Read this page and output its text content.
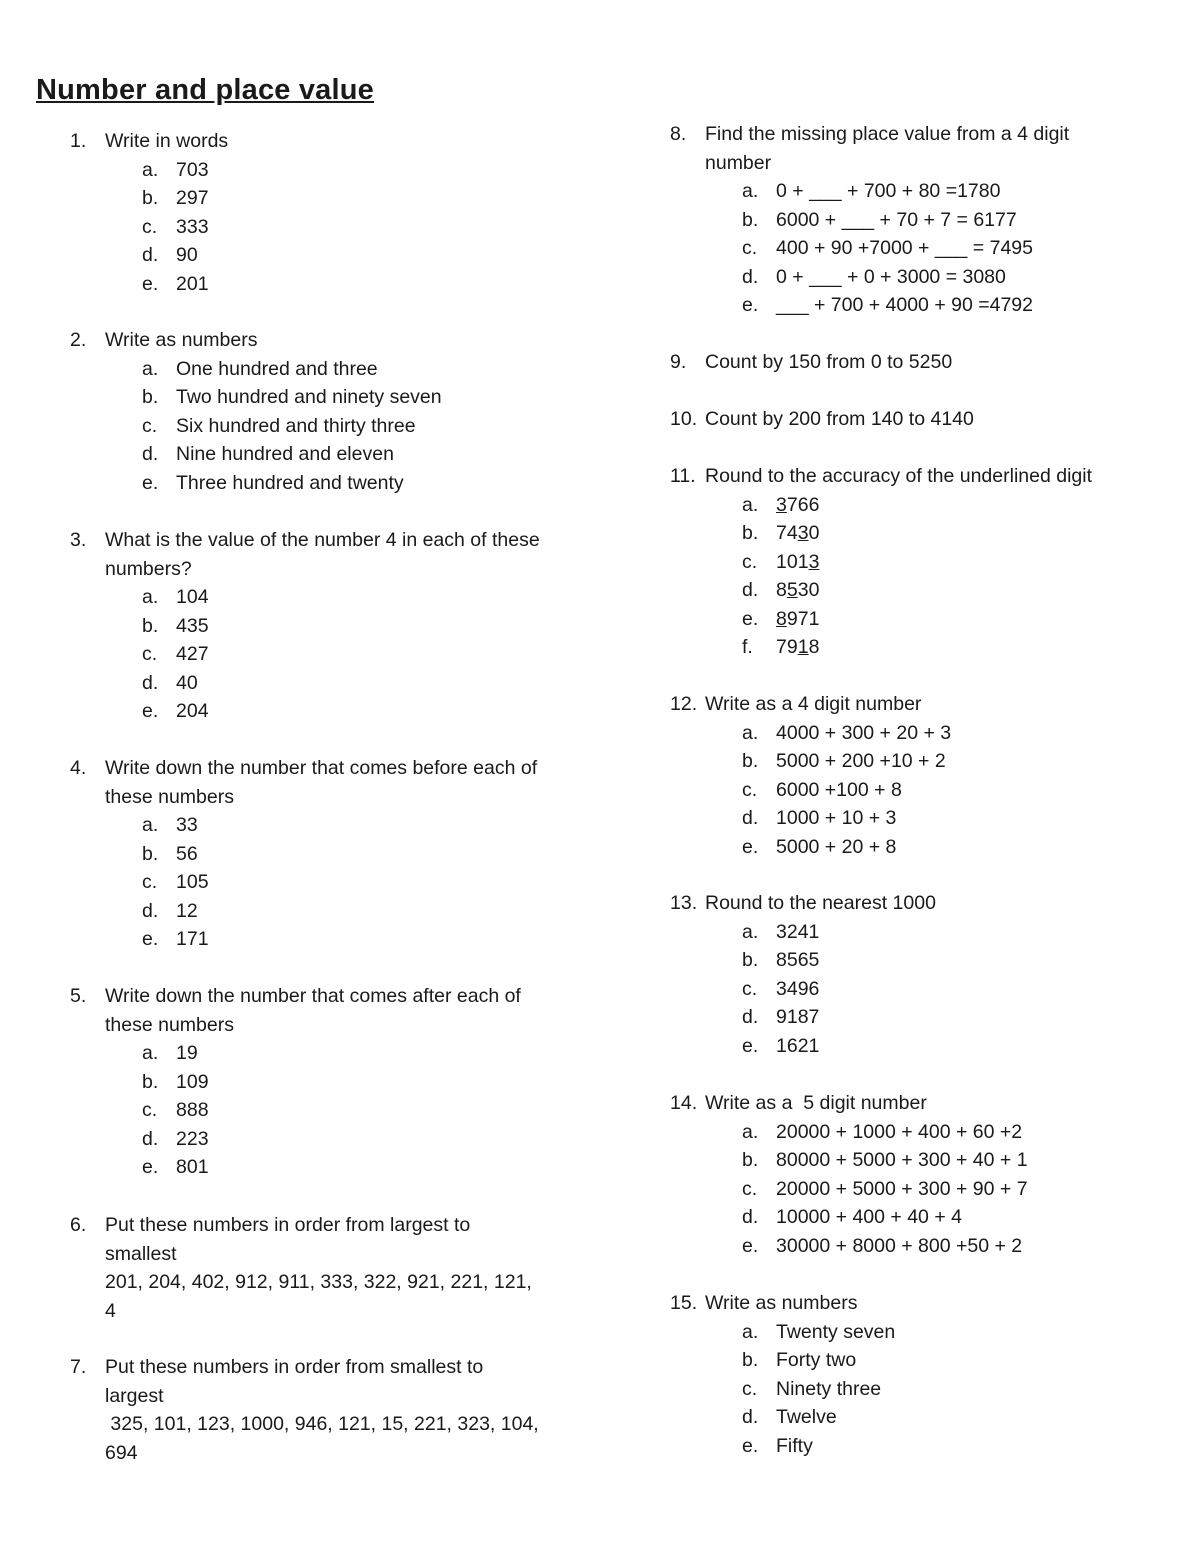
Number and place value
1. Write in words
a. 703
b. 297
c. 333
d. 90
e. 201
2. Write as numbers
a. One hundred and three
b. Two hundred and ninety seven
c. Six hundred and thirty three
d. Nine hundred and eleven
e. Three hundred and twenty
3. What is the value of the number 4 in each of these numbers?
a. 104
b. 435
c. 427
d. 40
e. 204
4. Write down the number that comes before each of these numbers
a. 33
b. 56
c. 105
d. 12
e. 171
5. Write down the number that comes after each of these numbers
a. 19
b. 109
c. 888
d. 223
e. 801
6. Put these numbers in order from largest to smallest
201, 204, 402, 912, 911, 333, 322, 921, 221, 121, 4
7. Put these numbers in order from smallest to largest
325, 101, 123, 1000, 946, 121, 15, 221, 323, 104, 694
8. Find the missing place value from a 4 digit number
a. 0 + ___ + 700 + 80 =1780
b. 6000 + ___ + 70 + 7 = 6177
c. 400 + 90 +7000 + ___ = 7495
d. 0 + ___ + 0 + 3000 = 3080
e. ___ + 700 + 4000 + 90 =4792
9. Count by 150 from 0 to 5250
10. Count by 200 from 140 to 4140
11. Round to the accuracy of the underlined digit
a. 3766
b. 7430
c. 1013
d. 8530
e. 8971
f. 7918
12. Write as a 4 digit number
a. 4000 + 300 + 20 + 3
b. 5000 + 200 +10 + 2
c. 6000 +100 + 8
d. 1000 + 10 + 3
e. 5000 + 20 + 8
13. Round to the nearest 1000
a. 3241
b. 8565
c. 3496
d. 9187
e. 1621
14. Write as a  5 digit number
a. 20000 + 1000 + 400 + 60 +2
b. 80000 + 5000 + 300 + 40 + 1
c. 20000 + 5000 + 300 + 90 + 7
d. 10000 + 400 + 40 + 4
e. 30000 + 8000 + 800 +50 + 2
15. Write as numbers
a. Twenty seven
b. Forty two
c. Ninety three
d. Twelve
e. Fifty
